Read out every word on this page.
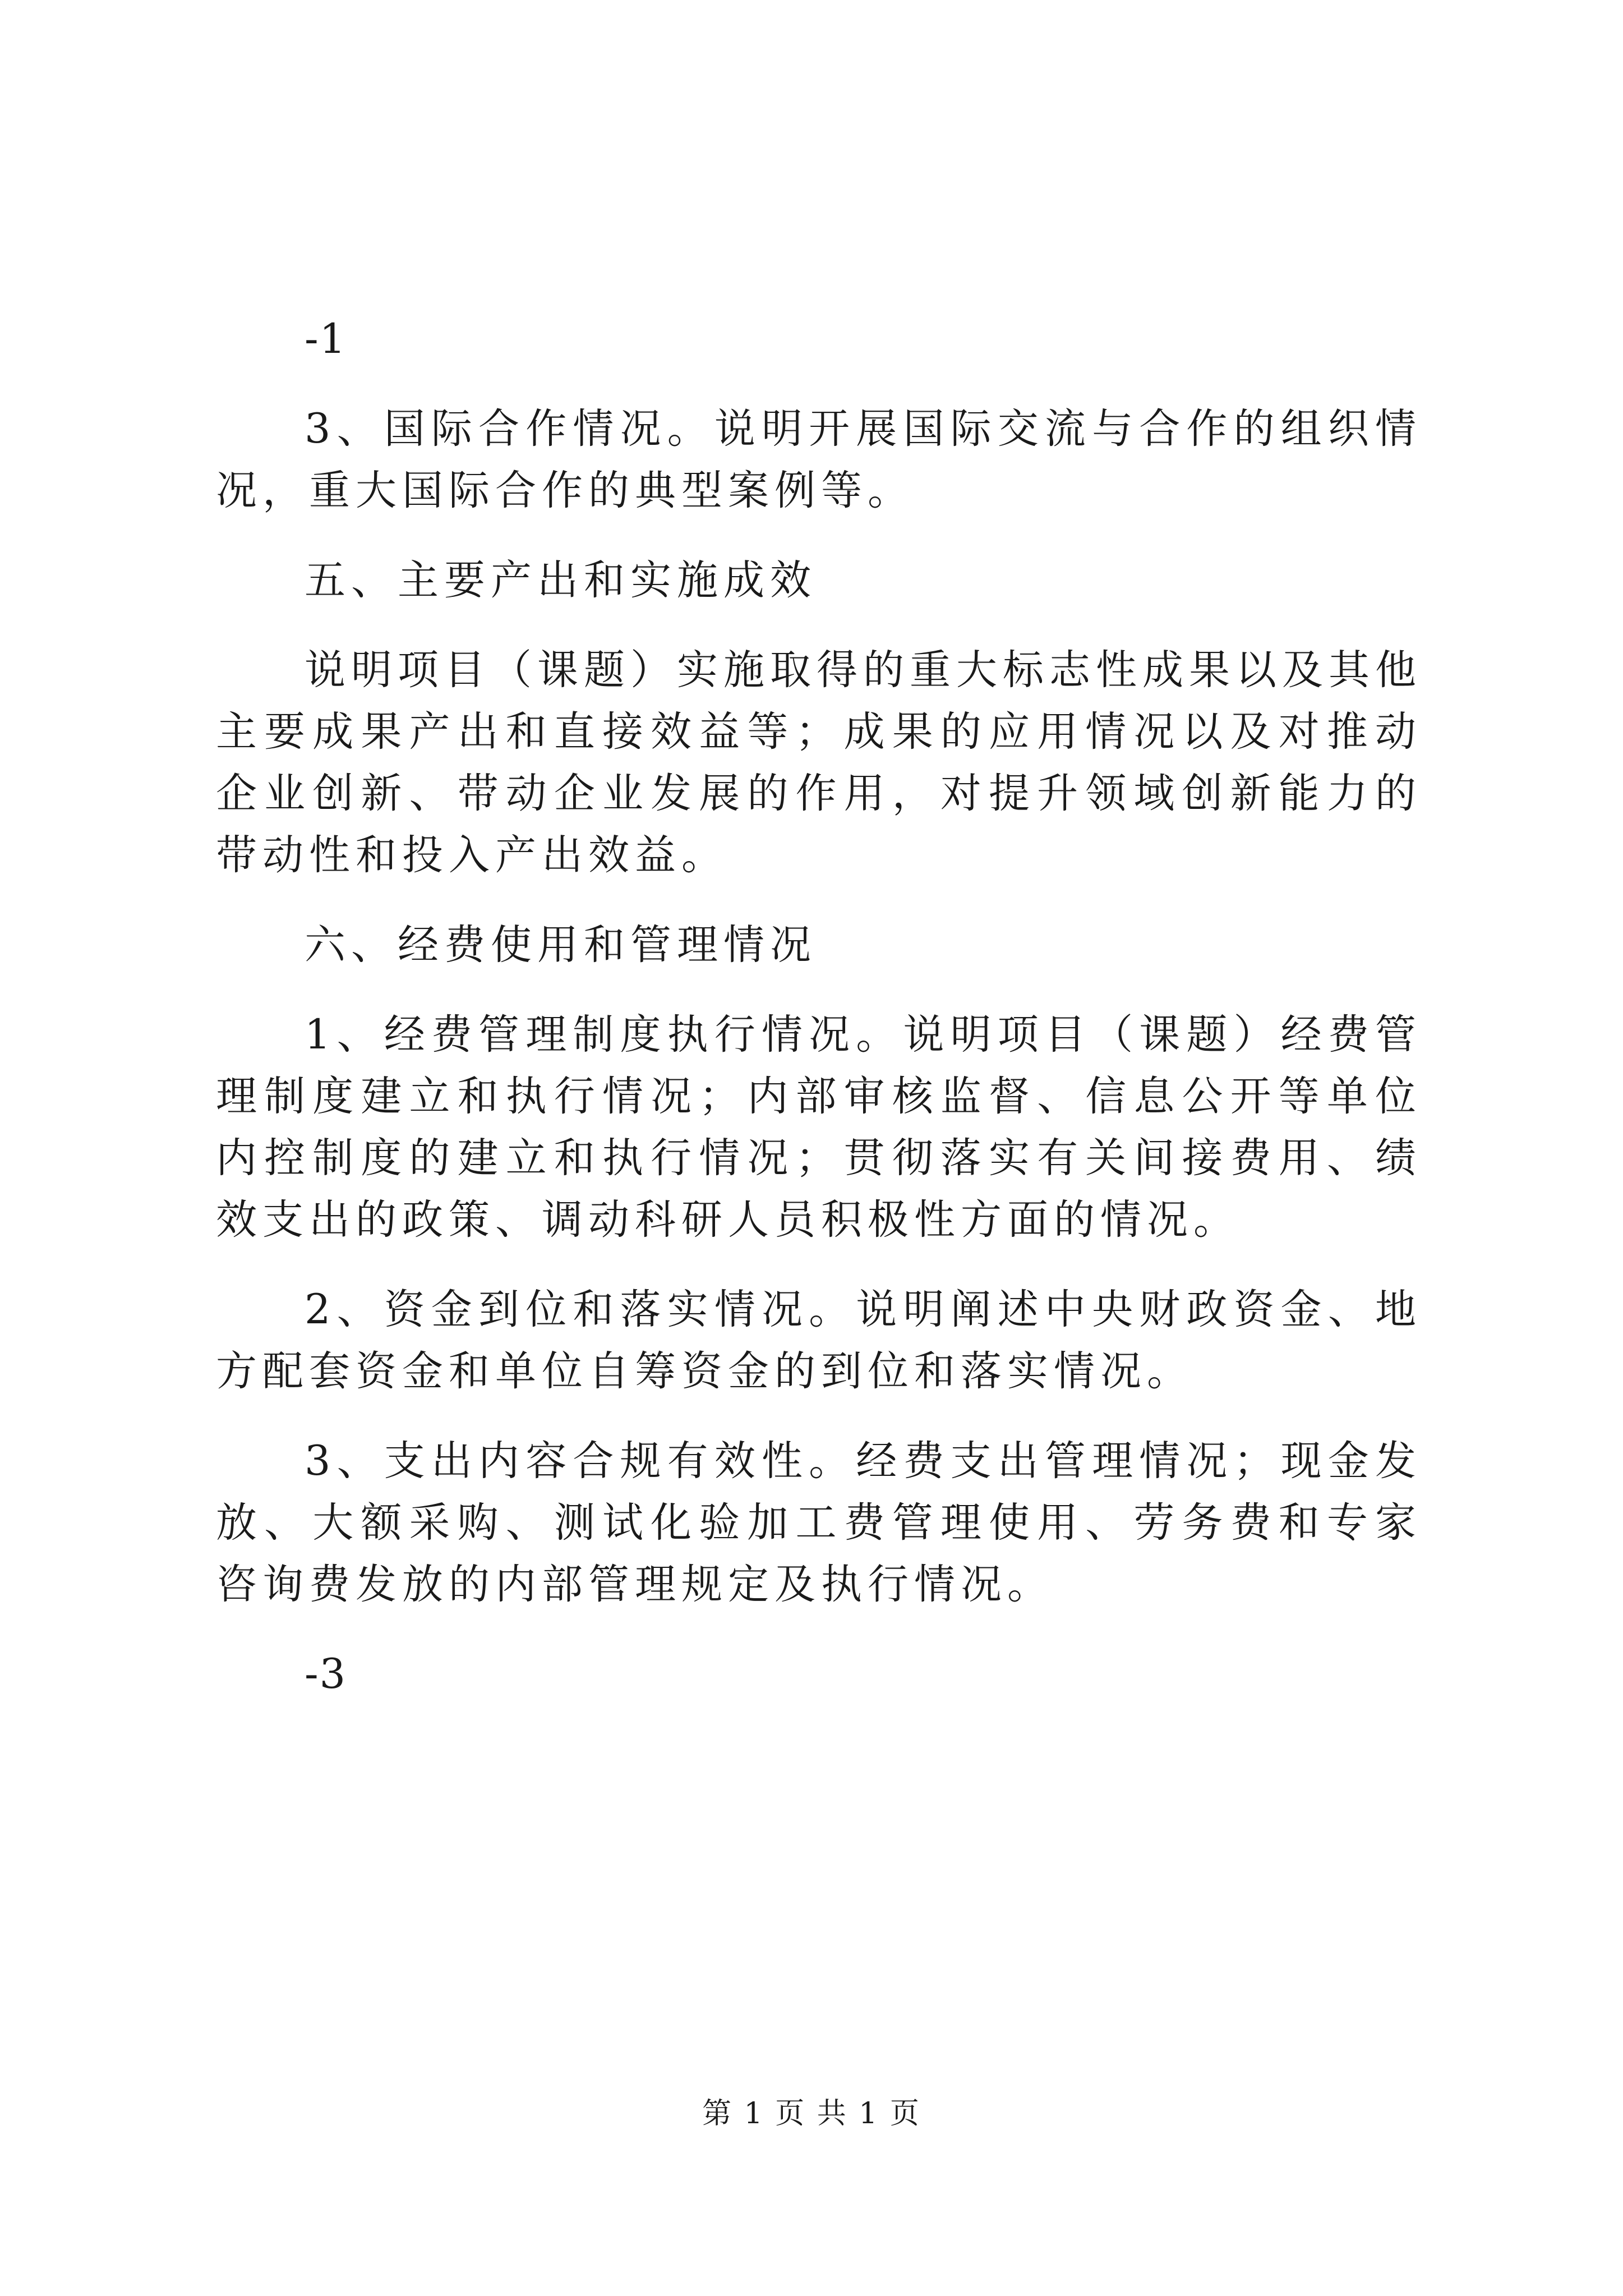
-1

3、国际合作情况。说明开展国际交流与合作的组织情况，重大国际合作的典型案例等。

五、主要产出和实施成效

说明项目（课题）实施取得的重大标志性成果以及其他主要成果产出和直接效益等；成果的应用情况以及对推动企业创新、带动企业发展的作用，对提升领域创新能力的带动性和投入产出效益。

六、经费使用和管理情况

1、经费管理制度执行情况。说明项目（课题）经费管理制度建立和执行情况；内部审核监督、信息公开等单位内控制度的建立和执行情况；贯彻落实有关间接费用、绩效支出的政策、调动科研人员积极性方面的情况。

2、资金到位和落实情况。说明阐述中央财政资金、地方配套资金和单位自筹资金的到位和落实情况。

3、支出内容合规有效性。经费支出管理情况；现金发放、大额采购、测试化验加工费管理使用、劳务费和专家咨询费发放的内部管理规定及执行情况。

-3

第 1 页 共 1 页
